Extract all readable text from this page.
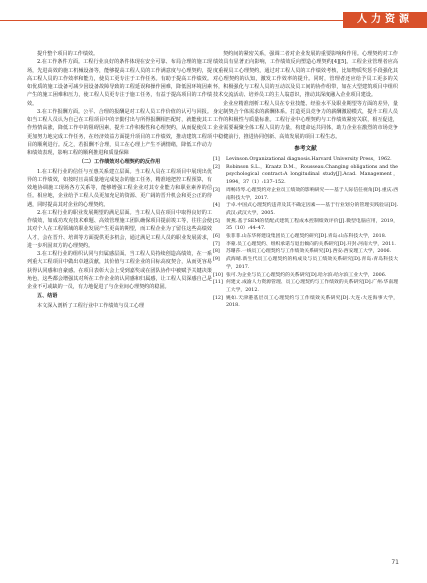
人力资源

提升整个项目的工作绩效。

2.在工作条件方面。工程行业良好的条件体现在安全可靠、布局合理的施工现场，先进高效的施工机械设备等，能够提高工程人员的工作满意度与心理契约，提高工程人员的工作效率和能力，使员工更专注于工作任务。有助于提高工作绩效。如优质的施工设备可减少因设备故障导致的工程延误和操作困难，降低因环境因素产生的施工困难和压力，使工程人员更专注于施工任务，有益于提高项目的工作绩效。

3.在工作报酬方面。公平、合理的报酬是对工程人员工作价值的认可与回报。如当工程人员认为自己在工程项目中的辛勤付出与所得报酬相匹配时，就能使其工作热情高涨，降低工作中的阻碍因素，提升工作积极性和心理契约，从而促使员工更加努力地完成工作任务，在经济效益方面提升项目的工作绩效，推动建筑工程项目的顺利进行。反之，若报酬不合理，员工在心理上产生不满情绪，降低工作动力和绩效表现，影响工程的顺利推进和质量保障

（二）工作绩效对心理契约的反作用

1.在工程行业的信任与互惠关系建立层面。当工程人员在工程项目中展现出优异的工作绩效，如按时且高质量地完成复杂的施工任务，精准地把控工程预算，有效地协调施工现场各方关系等，能够增强工程企业对其专业能力和职业素养的信任。相应地，企业给予工程人员更加充足的资源、更广阔的晋升机会和更公正的待遇，同时提高其对企业的心理契约。

2.在工程行业的职业发展期望的满足层面。当工程人员在项目中取得良好的工作绩效，如成功攻克技术难题、高效管理施工团队确保项目提前竣工等，往往会使其对个人在工程领域的职业发展产生更高的期望，而工程企业为了留住这些高绩效人才，会在晋升、培训等方面提供更多机会，通过满足工程人员的职业发展需求，进一步巩固双方的心理契约。

3.在工程行业的组织认同与归属感层面。当工程人员持续创造高绩效，在一系列重大工程项目中做出卓越贡献，其价值与工程企业的目标高度契合，从而更容易获得认同感和自豪感。在项目表彰大会上受到嘉奖或在团队协作中被赋予关键决策角色，这些都会增强其对所在工作企业的认同感和归属感，让工程人员深感自己是企业不可或缺的一员，有力地促进了与企业间心理契约的稳固。

五、结语

本文深入剖析了工程行业中工作绩效与员工心理

契约间的紧密关系，强调二者对企业发展的重要影响和作用。心理契约对工作绩效具有显著正向影响，工作绩效反向塑造心理契约[4][5]。工程企业管理者应高度重视员工心理契约，通过对工程人员的工作绩效考核，比如物质奖惩手段强化其对心理契约的认知，激发工作效率的提升。同时，管理者还应给予员工更多的关怀，积极强化与工程人员的互动以及员工间的协作组带，如在大型建筑项目中组织技术交流活动、培养员工的主人翁意识，推动其深度融入企业项目建设。

企业应精准剖析工程人员在专业技能、经验水平及职业期望等方面的差异，量身定制契合个体需求的薪酬体系。打造更具竞争力的薪酬激励模式，提升工程人员工作的积极性与质量标准。工程行业中心理契约与工作绩效紧密关联，相互促进，企业需要凝聚全体工程人员的力量，构建命运共同体，助力企业在激烈的市场竞争中稳健前行，推进协同创新、高效发展的项目工程生态。

参考文献
[1]	Levinson.Organizational diagnosis.Harvard University Press，1962.
[2]	Robinson S.L.，Kraatz D.M.，Rousseau.Changing obligations and the psychological contract:A longitudinal study[J].Acad. Management，1994，37（1）:137–152.
[3]	周畅诗琴.心理契约对企业员工绩效的影响研究——基于人际信任视角[D].重庆:西南科技大学，2017.
[4]	于卓.中国式心理契约违背及其不确定因素——基于行业划分的管理实践验证[D].武汉:武汉大学，2005.
[5]	黄燕.基于SEM的装配式建筑工程成本控制绩效评价[J].微型电脑应用，2019，35（10）:44–47.
[6]	张菲菲.山东华将建设集团员工心理契约研究[D].青岛:山东科技大学，2018.
[7]	李蒙.员工心理契约、组织承诺与退出倾向的关系研究[D].开封:河南大学，2011.
[8]	苏珊莎.一线员工心理契约与工作绩效关系研究[D].西安:西安理工大学，2006.
[9]	武海晴.新生代员工心理契约的构成及与员工绩效关系研究[D].青岛:青岛科技大学，2017.
[10] 张可.为企业与员工心理契约的关系研究[D].哈尔滨:哈尔滨工业大学，2006.
[11] 何建文.成渝人力资源管理、员工心理契约与工作绩效的关系研究[D].广州:华南理工大学，2012.
[12] 姚如.天津港基层员工心理契约与工作绩效关系研究[D].大连:大连海事大学，2018.
71
